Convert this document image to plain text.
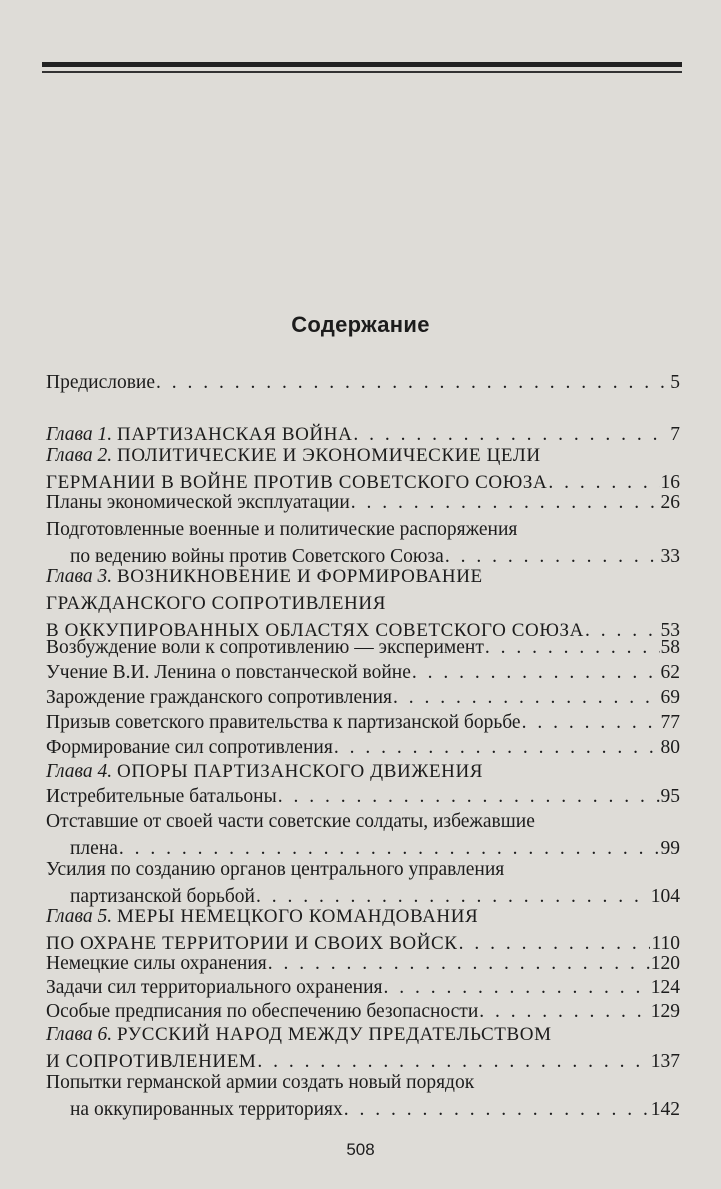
Содержание
Предисловие . . .	5
Глава 1. ПАРТИЗАНСКАЯ ВОЙНА . . .	7
Глава 2. ПОЛИТИЧЕСКИЕ И ЭКОНОМИЧЕСКИЕ ЦЕЛИ
ГЕРМАНИИ В ВОЙНЕ ПРОТИВ СОВЕТСКОГО СОЮЗА . . .	16
Планы экономической эксплуатации . . .	26
Подготовленные военные и политические распоряжения
по ведению войны против Советского Союза . . .	33
Глава 3. ВОЗНИКНОВЕНИЕ И ФОРМИРОВАНИЕ
ГРАЖДАНСКОГО СОПРОТИВЛЕНИЯ
В ОККУПИРОВАННЫХ ОБЛАСТЯХ СОВЕТСКОГО СОЮЗА . . .	53
Возбуждение воли к сопротивлению — эксперимент . . .	58
Учение В.И. Ленина о повстанческой войне . . .	62
Зарождение гражданского сопротивления . . .	69
Призыв советского правительства к партизанской борьбе . . .	77
Формирование сил сопротивления . . .	80
Глава 4. ОПОРЫ ПАРТИЗАНСКОГО ДВИЖЕНИЯ
Истребительные батальоны . . .	95
Отставшие от своей части советские солдаты, избежавшие
плена . . .	99
Усилия по созданию органов центрального управления
партизанской борьбой . . .	104
Глава 5. МЕРЫ НЕМЕЦКОГО КОМАНДОВАНИЯ
ПО ОХРАНЕ ТЕРРИТОРИИ И СВОИХ ВОЙСК . . .	110
Немецкие силы охранения . . .	120
Задачи сил территориального охранения . . .	124
Особые предписания по обеспечению безопасности . . .	129
Глава 6. РУССКИЙ НАРОД МЕЖДУ ПРЕДАТЕЛЬСТВОМ
И СОПРОТИВЛЕНИЕМ . . .	137
Попытки германской армии создать новый порядок
на оккупированных территориях . . .	142
508
